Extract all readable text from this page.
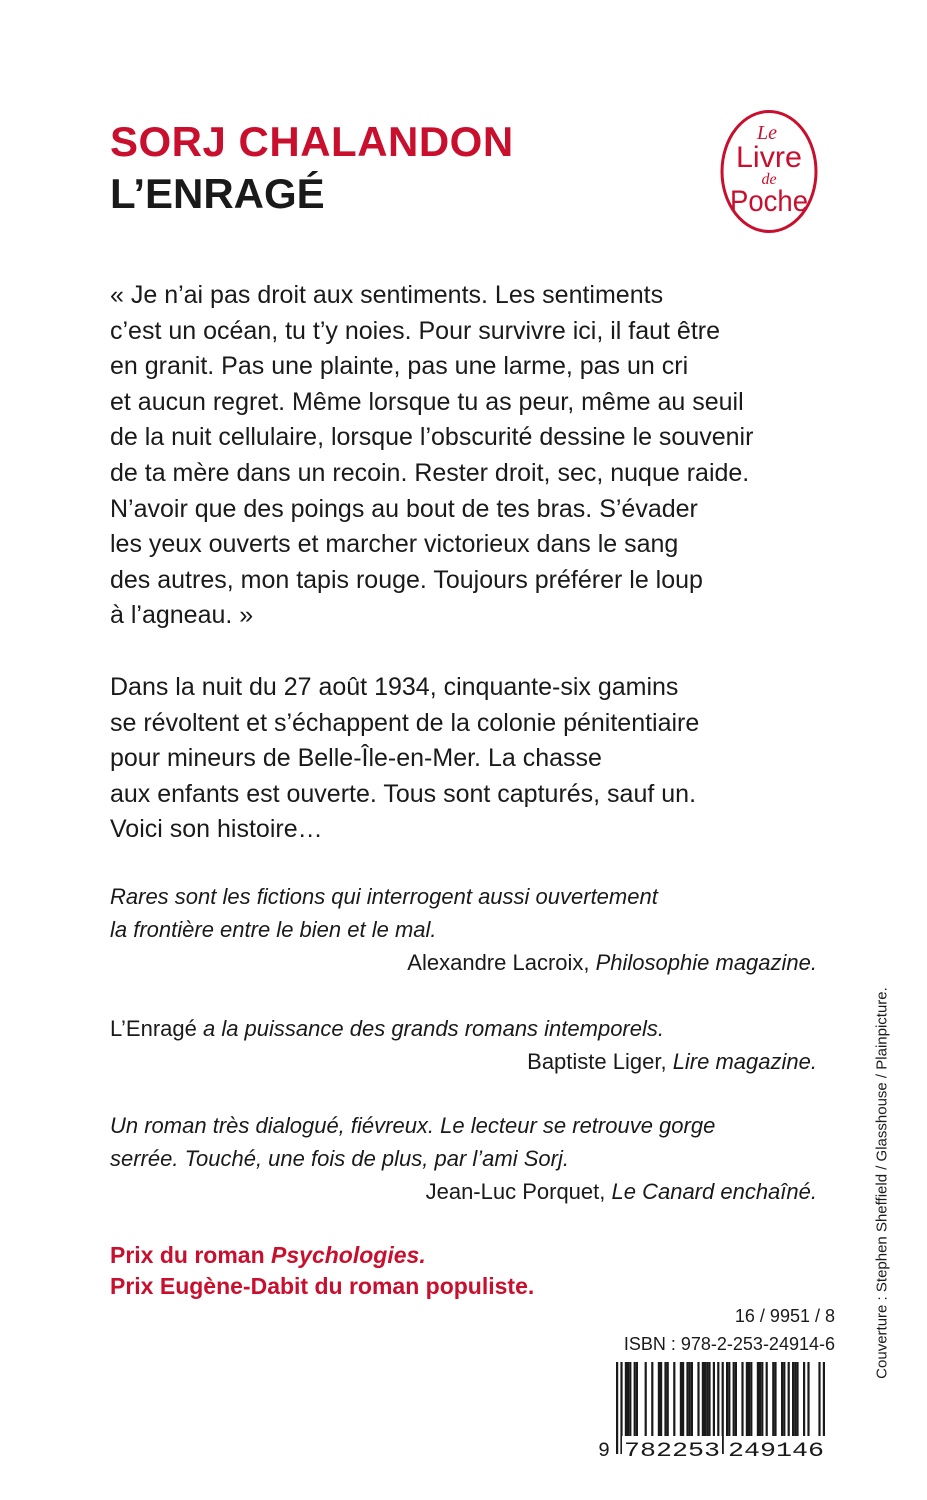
SORJ CHALANDON
L’ENRAGÉ
Le
Livre
de
Poche

« Je n’ai pas droit aux sentiments. Les sentiments
c’est un océan, tu t’y noies. Pour survivre ici, il faut être
en granit. Pas une plainte, pas une larme, pas un cri
et aucun regret. Même lorsque tu as peur, même au seuil
de la nuit cellulaire, lorsque l’obscurité dessine le souvenir
de ta mère dans un recoin. Rester droit, sec, nuque raide.
N’avoir que des poings au bout de tes bras. S’évader
les yeux ouverts et marcher victorieux dans le sang
des autres, mon tapis rouge. Toujours préférer le loup
à l’agneau. »

Dans la nuit du 27 août 1934, cinquante-six gamins
se révoltent et s’échappent de la colonie pénitentiaire
pour mineurs de Belle-Île-en-Mer. La chasse
aux enfants est ouverte. Tous sont capturés, sauf un.
Voici son histoire…

Rares sont les fictions qui interrogent aussi ouvertement
la frontière entre le bien et le mal.

Alexandre Lacroix, Philosophie magazine.

L’Enragé a la puissance des grands romans intemporels.

Baptiste Liger, Lire magazine.

Un roman très dialogué, fiévreux. Le lecteur se retrouve gorge
serrée. Touché, une fois de plus, par l’ami Sorj.

Jean-Luc Porquet, Le Canard enchaîné.

Prix du roman Psychologies.

Prix Eugène-Dabit du roman populiste.

16 / 9951 / 8
ISBN : 978-2-253-24914-6
9 782253 249146
Couverture : Stephen Sheffield / Glasshouse / Plainpicture.
